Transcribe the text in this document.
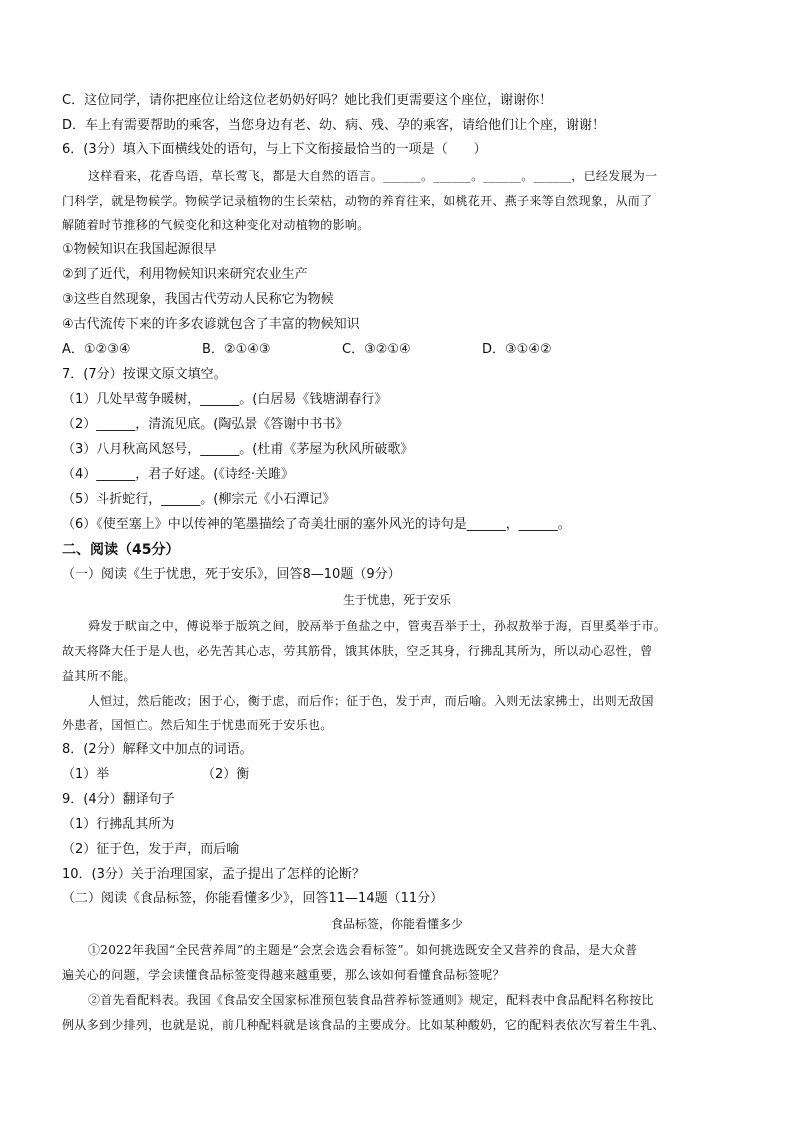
C．这位同学，请你把座位让给这位老奶奶好吗？她比我们更需要这个座位，谢谢你！
D．车上有需要帮助的乘客，当您身边有老、幼、病、残、孕的乘客，请给他们让个座，谢谢！
6．(3分）填入下面横线处的语句，与上下文衔接最恰当的一项是（　　）
这样看来，花香鸟语，草长莺飞，都是大自然的语言。______。______。______。______，已经发展为一
门科学，就是物候学。物候学记录植物的生长荣枯，动物的养育往来，如桃花开、燕子来等自然现象，从而了
解随着时节推移的气候变化和这种变化对动植物的影响。
①物候知识在我国起源很早
②到了近代，利用物候知识来研究农业生产
③这些自然现象，我国古代劳动人民称它为物候
④古代流传下来的许多农谚就包含了丰富的物候知识
A．①②③④	B．②①④③	C．③②①④	D．③①④②
7．(7分）按课文原文填空。
（1）几处早莺争暖树，______。(白居易《钱塘湖春行》
（2）______，清流见底。(陶弘景《答谢中书书》
（3）八月秋高风怒号，______。(杜甫《茅屋为秋风所破歌》
（4）______，君子好逑。(《诗经·关雎》
（5）斗折蛇行，______。(柳宗元《小石潭记》
（6）《使至塞上》中以传神的笔墨描绘了奇美壮丽的塞外风光的诗句是______，______。
二、阅读（45分）
（一）阅读《生于忧患，死于安乐》，回答8—10题（9分）
生于忧患，死于安乐
舜发于畎亩之中，傅说举于版筑之间，胶鬲举于鱼盐之中，管夷吾举于士，孙叔敖举于海，百里奚举于市。
故天将降大任于是人也，必先苦其心志，劳其筋骨，饿其体肤，空乏其身，行拂乱其所为，所以动心忍性，曾
益其所不能。
人恒过，然后能改；困于心，衡于虑，而后作；征于色，发于声，而后喻。入则无法家拂士，出则无敌国
外患者，国恒亡。然后知生于忧患而死于安乐也。
8．(2分）解释文中加点的词语。
（1）举	（2）衡
9．(4分）翻译句子
（1）行拂乱其所为
（2）征于色，发于声，而后喻
10．(3分）关于治理国家，孟子提出了怎样的论断？
（二）阅读《食品标签，你能看懂多少》，回答11—14题（11分）
食品标签，你能看懂多少
①2022年我国“全民营养周”的主题是“会烹会选会看标签”。如何挑选既安全又营养的食品，是大众普
遍关心的问题，学会读懂食品标签变得越来越重要，那么该如何看懂食品标签呢？
②首先看配料表。我国《食品安全国家标准预包装食品营养标签通则》规定，配料表中食品配料名称按比
例从多到少排列，也就是说，前几种配料就是该食品的主要成分。比如某种酸奶，它的配料表依次写着生牛乳、
